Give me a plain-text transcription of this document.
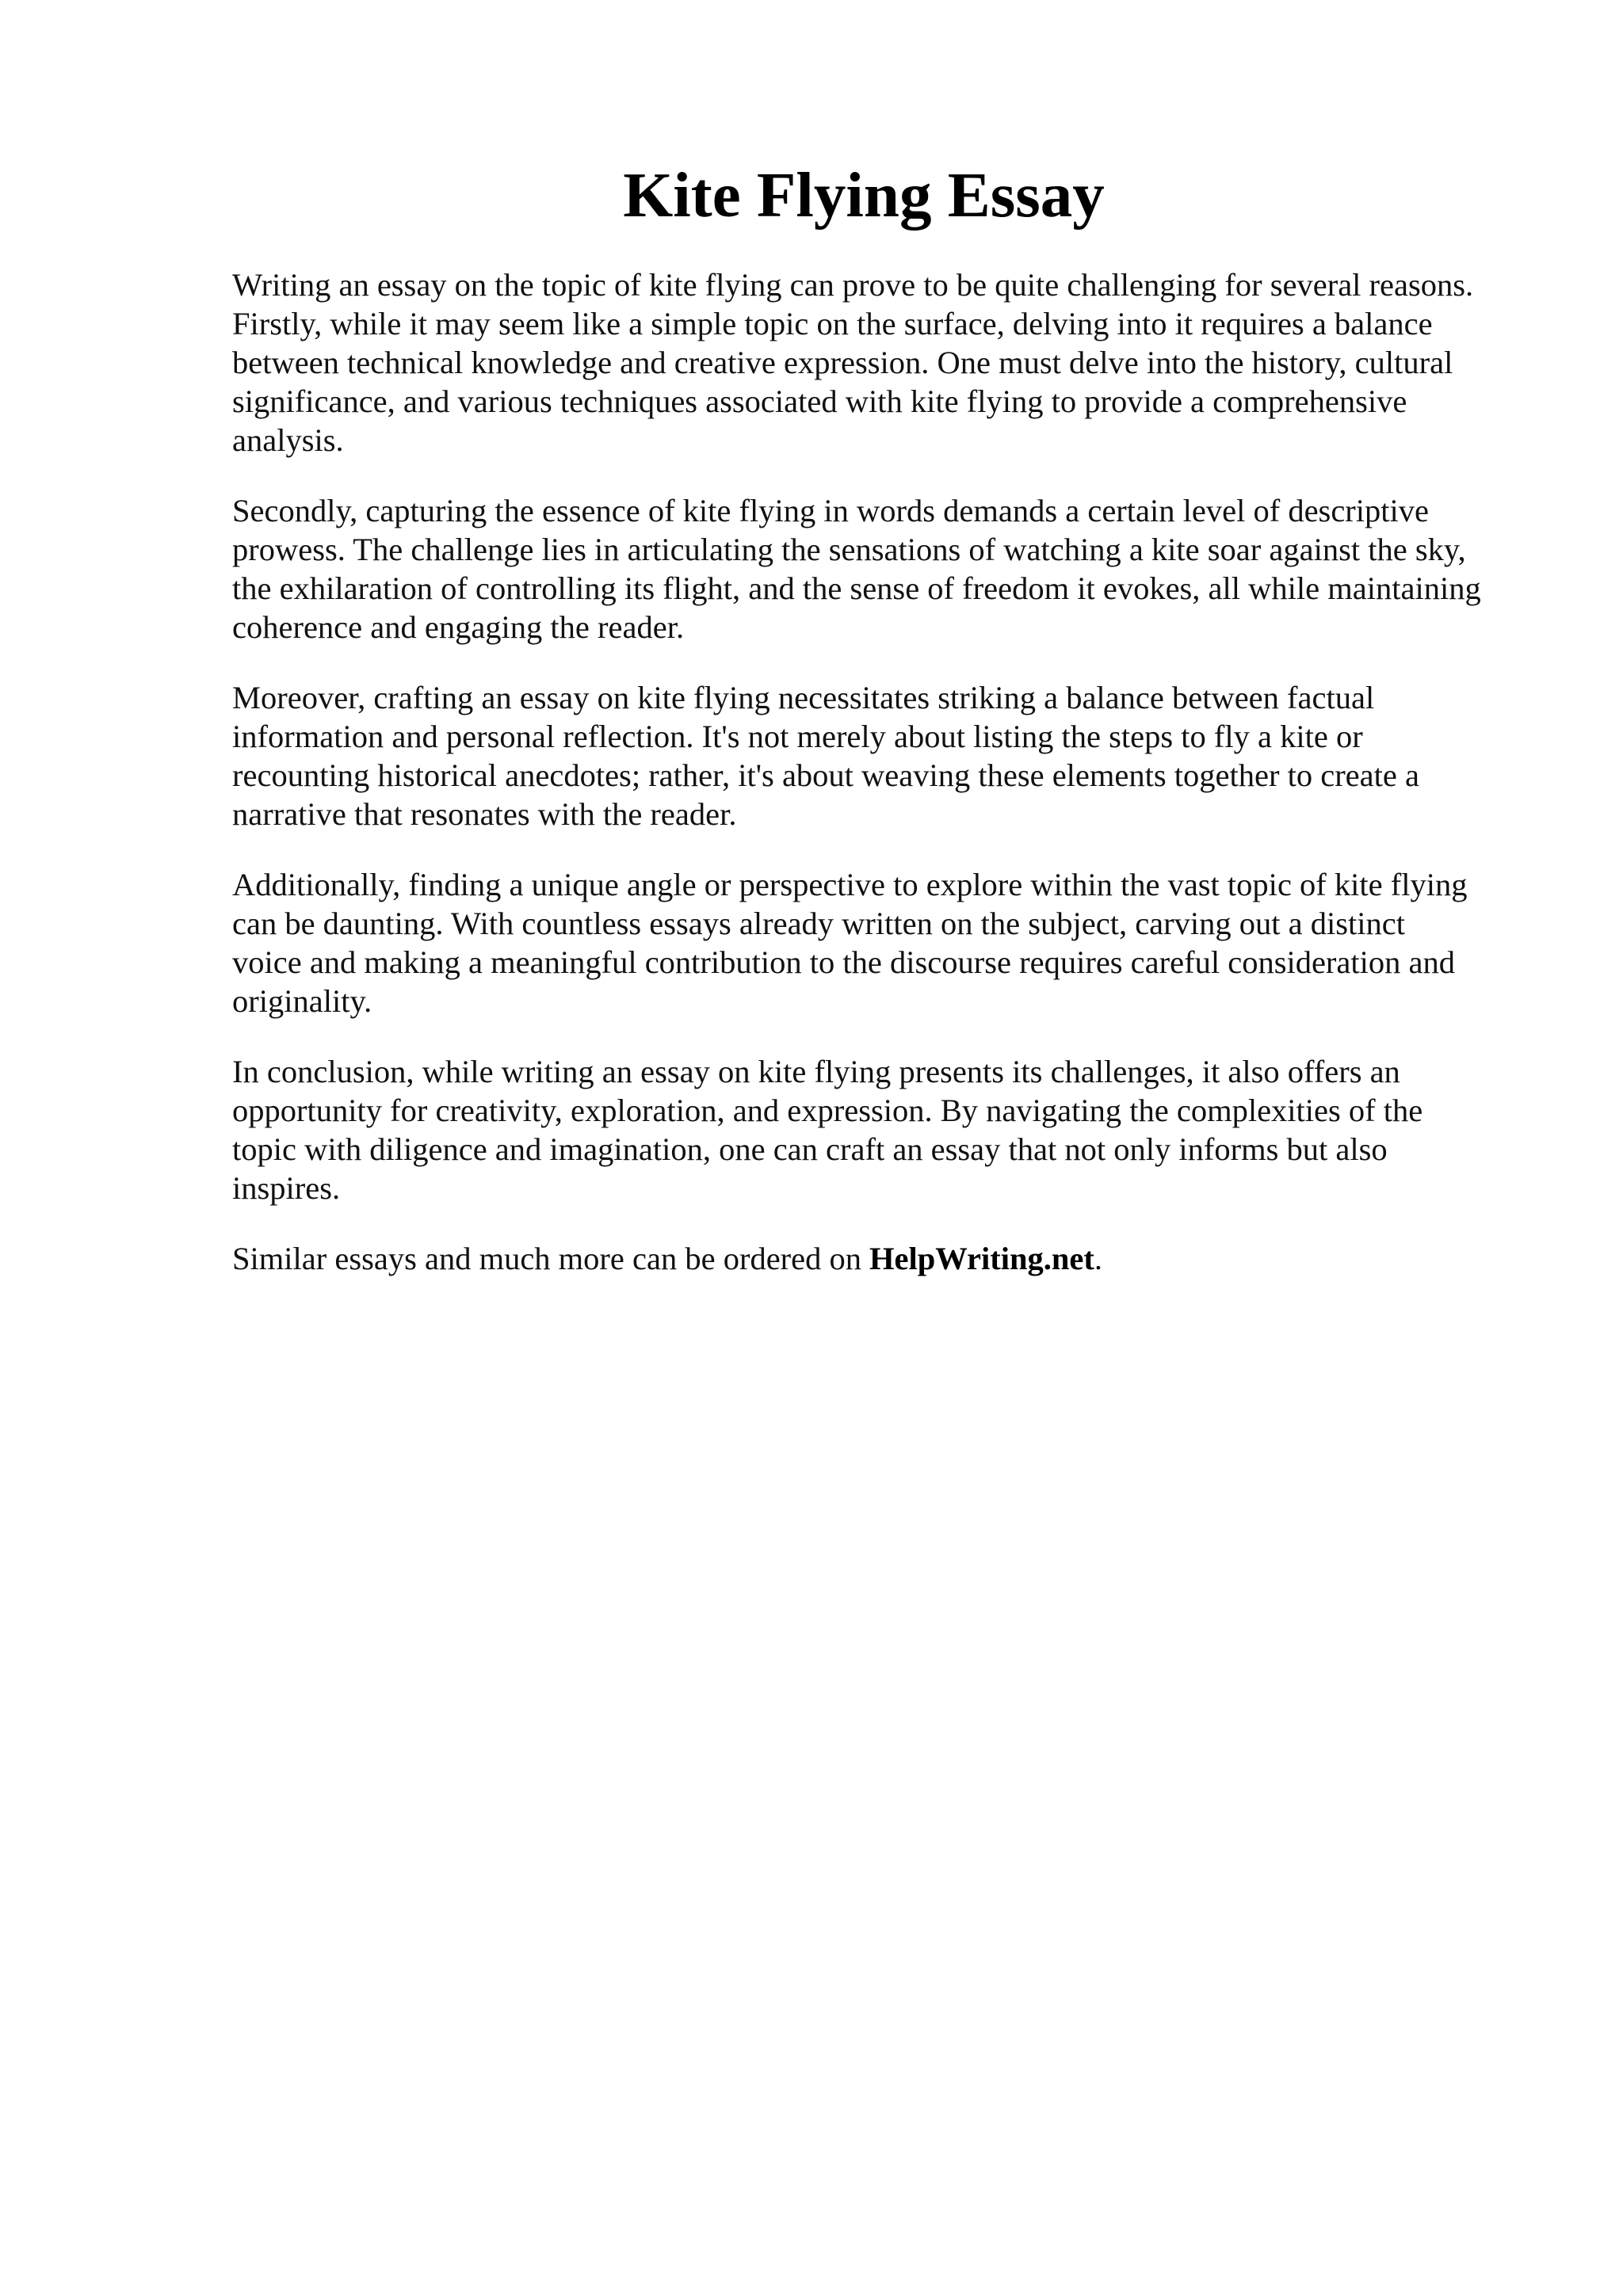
Kite Flying Essay

Writing an essay on the topic of kite flying can prove to be quite challenging for several reasons.
Firstly, while it may seem like a simple topic on the surface, delving into it requires a balance
between technical knowledge and creative expression. One must delve into the history, cultural
significance, and various techniques associated with kite flying to provide a comprehensive
analysis.

Secondly, capturing the essence of kite flying in words demands a certain level of descriptive
prowess. The challenge lies in articulating the sensations of watching a kite soar against the sky,
the exhilaration of controlling its flight, and the sense of freedom it evokes, all while maintaining
coherence and engaging the reader.

Moreover, crafting an essay on kite flying necessitates striking a balance between factual
information and personal reflection. It's not merely about listing the steps to fly a kite or
recounting historical anecdotes; rather, it's about weaving these elements together to create a
narrative that resonates with the reader.

Additionally, finding a unique angle or perspective to explore within the vast topic of kite flying
can be daunting. With countless essays already written on the subject, carving out a distinct
voice and making a meaningful contribution to the discourse requires careful consideration and
originality.

In conclusion, while writing an essay on kite flying presents its challenges, it also offers an
opportunity for creativity, exploration, and expression. By navigating the complexities of the
topic with diligence and imagination, one can craft an essay that not only informs but also
inspires.

Similar essays and much more can be ordered on HelpWriting.net.
